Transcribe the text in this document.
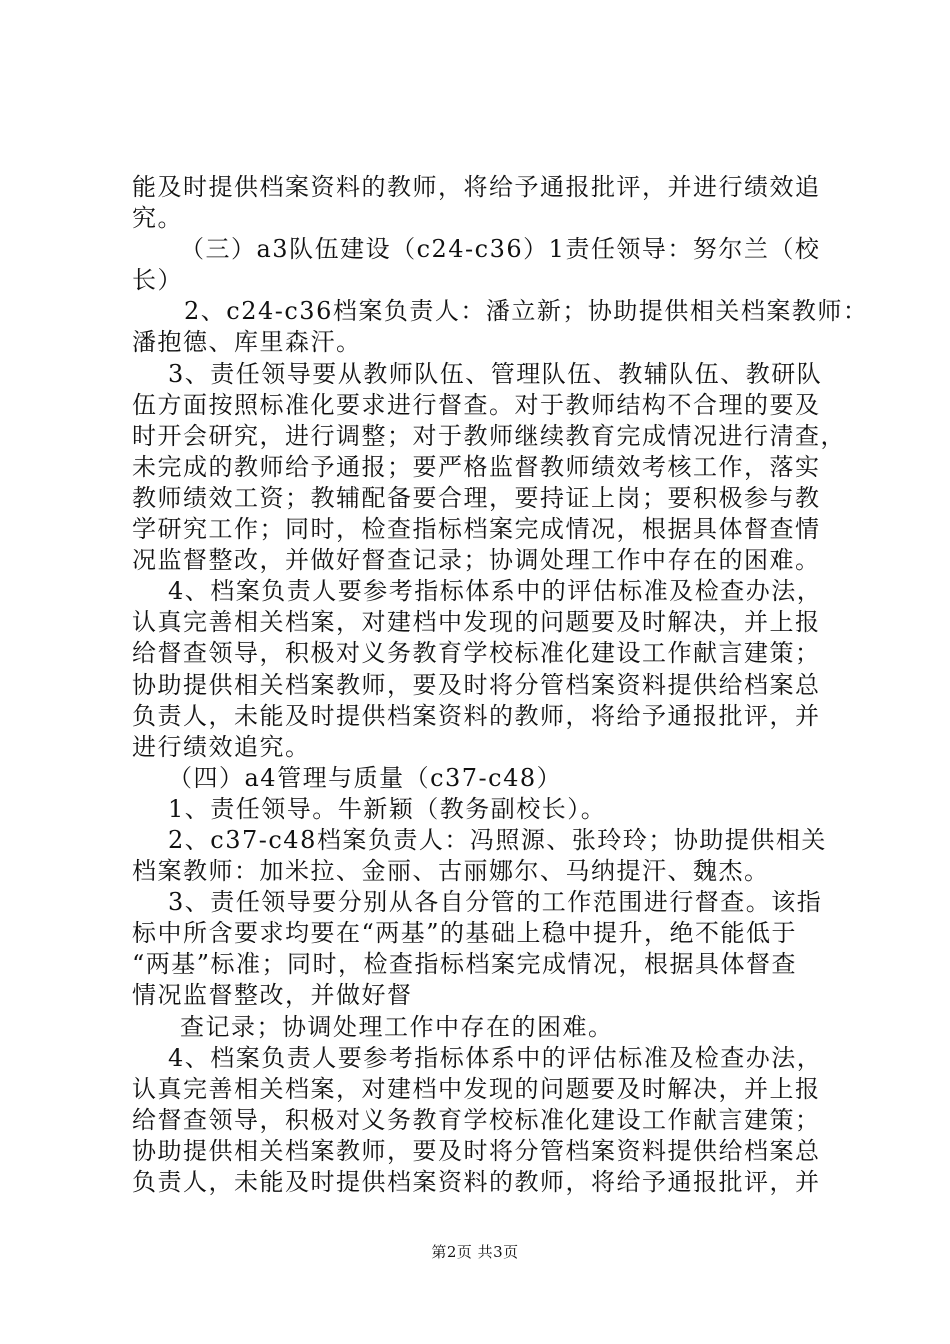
能及时提供档案资料的教师，将给予通报批评，并进行绩效追
究。
（三）a3队伍建设（c24-c36）1责任领导：努尔兰（校
长）
2、c24-c36档案负责人：潘立新；协助提供相关档案教师：
潘抱德、库里森汗。
3、责任领导要从教师队伍、管理队伍、教辅队伍、教研队
伍方面按照标准化要求进行督查。对于教师结构不合理的要及
时开会研究，进行调整；对于教师继续教育完成情况进行清查，
未完成的教师给予通报；要严格监督教师绩效考核工作，落实
教师绩效工资；教辅配备要合理，要持证上岗；要积极参与教
学研究工作；同时，检查指标档案完成情况，根据具体督查情
况监督整改，并做好督查记录；协调处理工作中存在的困难。
4、档案负责人要参考指标体系中的评估标准及检查办法，
认真完善相关档案，对建档中发现的问题要及时解决，并上报
给督查领导，积极对义务教育学校标准化建设工作献言建策；
协助提供相关档案教师，要及时将分管档案资料提供给档案总
负责人，未能及时提供档案资料的教师，将给予通报批评，并
进行绩效追究。
（四）a4管理与质量（c37-c48）
1、责任领导。牛新颖（教务副校长）。
2、c37-c48档案负责人：冯照源、张玲玲；协助提供相关
档案教师：加米拉、金丽、古丽娜尔、马纳提汗、魏杰。
3、责任领导要分别从各自分管的工作范围进行督查。该指
标中所含要求均要在“两基”的基础上稳中提升，绝不能低于
“两基”标准；同时，检查指标档案完成情况，根据具体督查
情况监督整改，并做好督
查记录；协调处理工作中存在的困难。
4、档案负责人要参考指标体系中的评估标准及检查办法，
认真完善相关档案，对建档中发现的问题要及时解决，并上报
给督查领导，积极对义务教育学校标准化建设工作献言建策；
协助提供相关档案教师，要及时将分管档案资料提供给档案总
负责人，未能及时提供档案资料的教师，将给予通报批评，并
第2页 共3页
